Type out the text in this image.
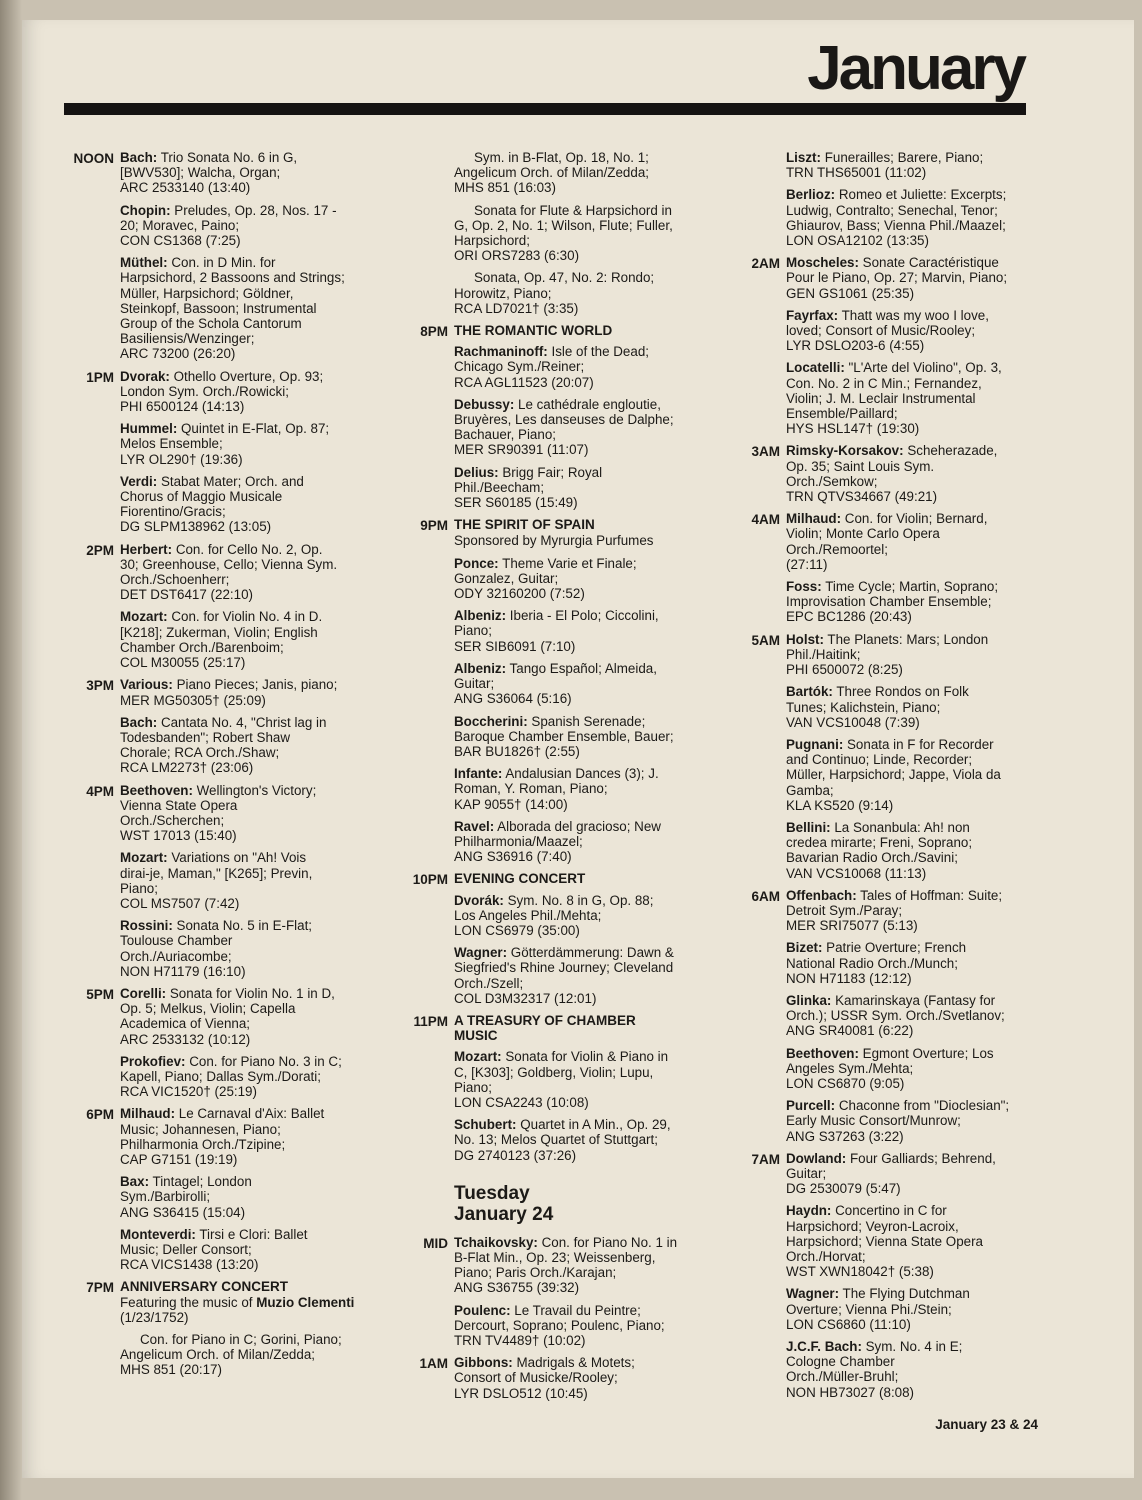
January
NOON Bach: Trio Sonata No. 6 in G,
[BWV530]; Walcha, Organ;
ARC 2533140 (13:40)
Chopin: Preludes, Op. 28, Nos. 17 -
20; Moravec, Paino;
CON CS1368 (7:25)
Müthel: Con. in D Min. for
Harpsichord, 2 Bassoons and Strings;
Müller, Harpsichord; Göldner,
Steinkopf, Bassoon; Instrumental
Group of the Schola Cantorum
Basiliensis/Wenzinger;
ARC 73200 (26:20)
1PM Dvorak: Othello Overture, Op. 93;
London Sym. Orch./Rowicki;
PHI 6500124 (14:13)
Hummel: Quintet in E-Flat, Op. 87;
Melos Ensemble;
LYR OL290† (19:36)
Verdi: Stabat Mater; Orch. and
Chorus of Maggio Musicale
Fiorentino/Gracis;
DG SLPM138962 (13:05)
2PM Herbert: Con. for Cello No. 2, Op.
30; Greenhouse, Cello; Vienna Sym.
Orch./Schoenherr;
DET DST6417 (22:10)
Mozart: Con. for Violin No. 4 in D.
[K218]; Zukerman, Violin; English
Chamber Orch./Barenboim;
COL M30055 (25:17)
3PM Various: Piano Pieces; Janis, piano;
MER MG50305† (25:09)
Bach: Cantata No. 4, "Christ lag in
Todesbanden"; Robert Shaw
Chorale; RCA Orch./Shaw;
RCA LM2273† (23:06)
4PM Beethoven: Wellington's Victory;
Vienna State Opera
Orch./Scherchen;
WST 17013 (15:40)
Mozart: Variations on "Ah! Vois
dirai-je, Maman," [K265]; Previn,
Piano;
COL MS7507 (7:42)
Rossini: Sonata No. 5 in E-Flat;
Toulouse Chamber
Orch./Auriacombe;
NON H71179 (16:10)
5PM Corelli: Sonata for Violin No. 1 in D,
Op. 5; Melkus, Violin; Capella
Academica of Vienna;
ARC 2533132 (10:12)
Prokofiev: Con. for Piano No. 3 in C;
Kapell, Piano; Dallas Sym./Dorati;
RCA VIC1520† (25:19)
6PM Milhaud: Le Carnaval d'Aix: Ballet
Music; Johannesen, Piano;
Philharmonia Orch./Tzipine;
CAP G7151 (19:19)
Bax: Tintagel; London
Sym./Barbirolli;
ANG S36415 (15:04)
Monteverdi: Tirsi e Clori: Ballet
Music; Deller Consort;
RCA VICS1438 (13:20)
7PM ANNIVERSARY CONCERT
Featuring the music of Muzio Clementi (1/23/1752)
Con. for Piano in C; Gorini, Piano;
Angelicum Orch. of Milan/Zedda;
MHS 851 (20:17)
Sym. in B-Flat, Op. 18, No. 1;
Angelicum Orch. of Milan/Zedda;
MHS 851 (16:03)
Sonata for Flute & Harpsichord in
G, Op. 2, No. 1; Wilson, Flute; Fuller,
Harpsichord;
ORI ORS7283 (6:30)
Sonata, Op. 47, No. 2: Rondo;
Horowitz, Piano;
RCA LD7021† (3:35)
8PM THE ROMANTIC WORLD
Rachmaninoff: Isle of the Dead;
Chicago Sym./Reiner;
RCA AGL11523 (20:07)
Debussy: Le cathédrale engloutie,
Bruyères, Les danseuses de Dalphe;
Bachauer, Piano;
MER SR90391 (11:07)
Delius: Brigg Fair; Royal
Phil./Beecham;
SER S60185 (15:49)
9PM THE SPIRIT OF SPAIN
Sponsored by Myrurgia Purfumes
Ponce: Theme Varie et Finale;
Gonzalez, Guitar;
ODY 32160200 (7:52)
Albeniz: Iberia - El Polo; Ciccolini,
Piano;
SER SIB6091 (7:10)
Albeniz: Tango Español; Almeida,
Guitar;
ANG S36064 (5:16)
Boccherini: Spanish Serenade;
Baroque Chamber Ensemble, Bauer;
BAR BU1826† (2:55)
Infante: Andalusian Dances (3); J.
Roman, Y. Roman, Piano;
KAP 9055† (14:00)
Ravel: Alborada del gracioso; New
Philharmonia/Maazel;
ANG S36916 (7:40)
10PM EVENING CONCERT
Dvorák: Sym. No. 8 in G, Op. 88;
Los Angeles Phil./Mehta;
LON CS6979 (35:00)
Wagner: Götterdämmerung: Dawn &
Siegfried's Rhine Journey; Cleveland
Orch./Szell;
COL D3M32317 (12:01)
11PM A TREASURY OF CHAMBER
MUSIC
Mozart: Sonata for Violin & Piano in
C, [K303]; Goldberg, Violin; Lupu,
Piano;
LON CSA2243 (10:08)
Schubert: Quartet in A Min., Op. 29,
No. 13; Melos Quartet of Stuttgart;
DG 2740123 (37:26)
Tuesday
January 24
MID Tchaikovsky: Con. for Piano No. 1 in
B-Flat Min., Op. 23; Weissenberg,
Piano; Paris Orch./Karajan;
ANG S36755 (39:32)
Poulenc: Le Travail du Peintre;
Dercourt, Soprano; Poulenc, Piano;
TRN TV4489† (10:02)
1AM Gibbons: Madrigals & Motets;
Consort of Musicke/Rooley;
LYR DSLO512 (10:45)
Liszt: Funerailles; Barere, Piano;
TRN THS65001 (11:02)
Berlioz: Romeo et Juliette: Excerpts;
Ludwig, Contralto; Senechal, Tenor;
Ghiaurov, Bass; Vienna Phil./Maazel;
LON OSA12102 (13:35)
2AM Moscheles: Sonate Caractéristique
Pour le Piano, Op. 27; Marvin, Piano;
GEN GS1061 (25:35)
Fayrfax: Thatt was my woo I love,
loved; Consort of Music/Rooley;
LYR DSLO203-6 (4:55)
Locatelli: "L'Arte del Violino", Op. 3,
Con. No. 2 in C Min.; Fernandez,
Violin; J. M. Leclair Instrumental
Ensemble/Paillard;
HYS HSL147† (19:30)
3AM Rimsky-Korsakov: Scheherazade,
Op. 35; Saint Louis Sym.
Orch./Semkow;
TRN QTVS34667 (49:21)
4AM Milhaud: Con. for Violin; Bernard,
Violin; Monte Carlo Opera
Orch./Remoortel;
(27:11)
Foss: Time Cycle; Martin, Soprano;
Improvisation Chamber Ensemble;
EPC BC1286 (20:43)
5AM Holst: The Planets: Mars; London
Phil./Haitink;
PHI 6500072 (8:25)
Bartók: Three Rondos on Folk
Tunes; Kalichstein, Piano;
VAN VCS10048 (7:39)
Pugnani: Sonata in F for Recorder
and Continuo; Linde, Recorder;
Müller, Harpsichord; Jappe, Viola da
Gamba;
KLA KS520 (9:14)
Bellini: La Sonanbula: Ah! non
credea mirarte; Freni, Soprano;
Bavarian Radio Orch./Savini;
VAN VCS10068 (11:13)
6AM Offenbach: Tales of Hoffman: Suite;
Detroit Sym./Paray;
MER SRI75077 (5:13)
Bizet: Patrie Overture; French
National Radio Orch./Munch;
NON H71183 (12:12)
Glinka: Kamarinskaya (Fantasy for
Orch.); USSR Sym. Orch./Svetlanov;
ANG SR40081 (6:22)
Beethoven: Egmont Overture; Los
Angeles Sym./Mehta;
LON CS6870 (9:05)
Purcell: Chaconne from "Dioclesian";
Early Music Consort/Munrow;
ANG S37263 (3:22)
7AM Dowland: Four Galliards; Behrend,
Guitar;
DG 2530079 (5:47)
Haydn: Concertino in C for
Harpsichord; Veyron-Lacroix,
Harpsichord; Vienna State Opera
Orch./Horvat;
WST XWN18042† (5:38)
Wagner: The Flying Dutchman
Overture; Vienna Phi./Stein;
LON CS6860 (11:10)
J.C.F. Bach: Sym. No. 4 in E;
Cologne Chamber
Orch./Müller-Bruhl;
NON HB73027 (8:08)
January 23 & 24
